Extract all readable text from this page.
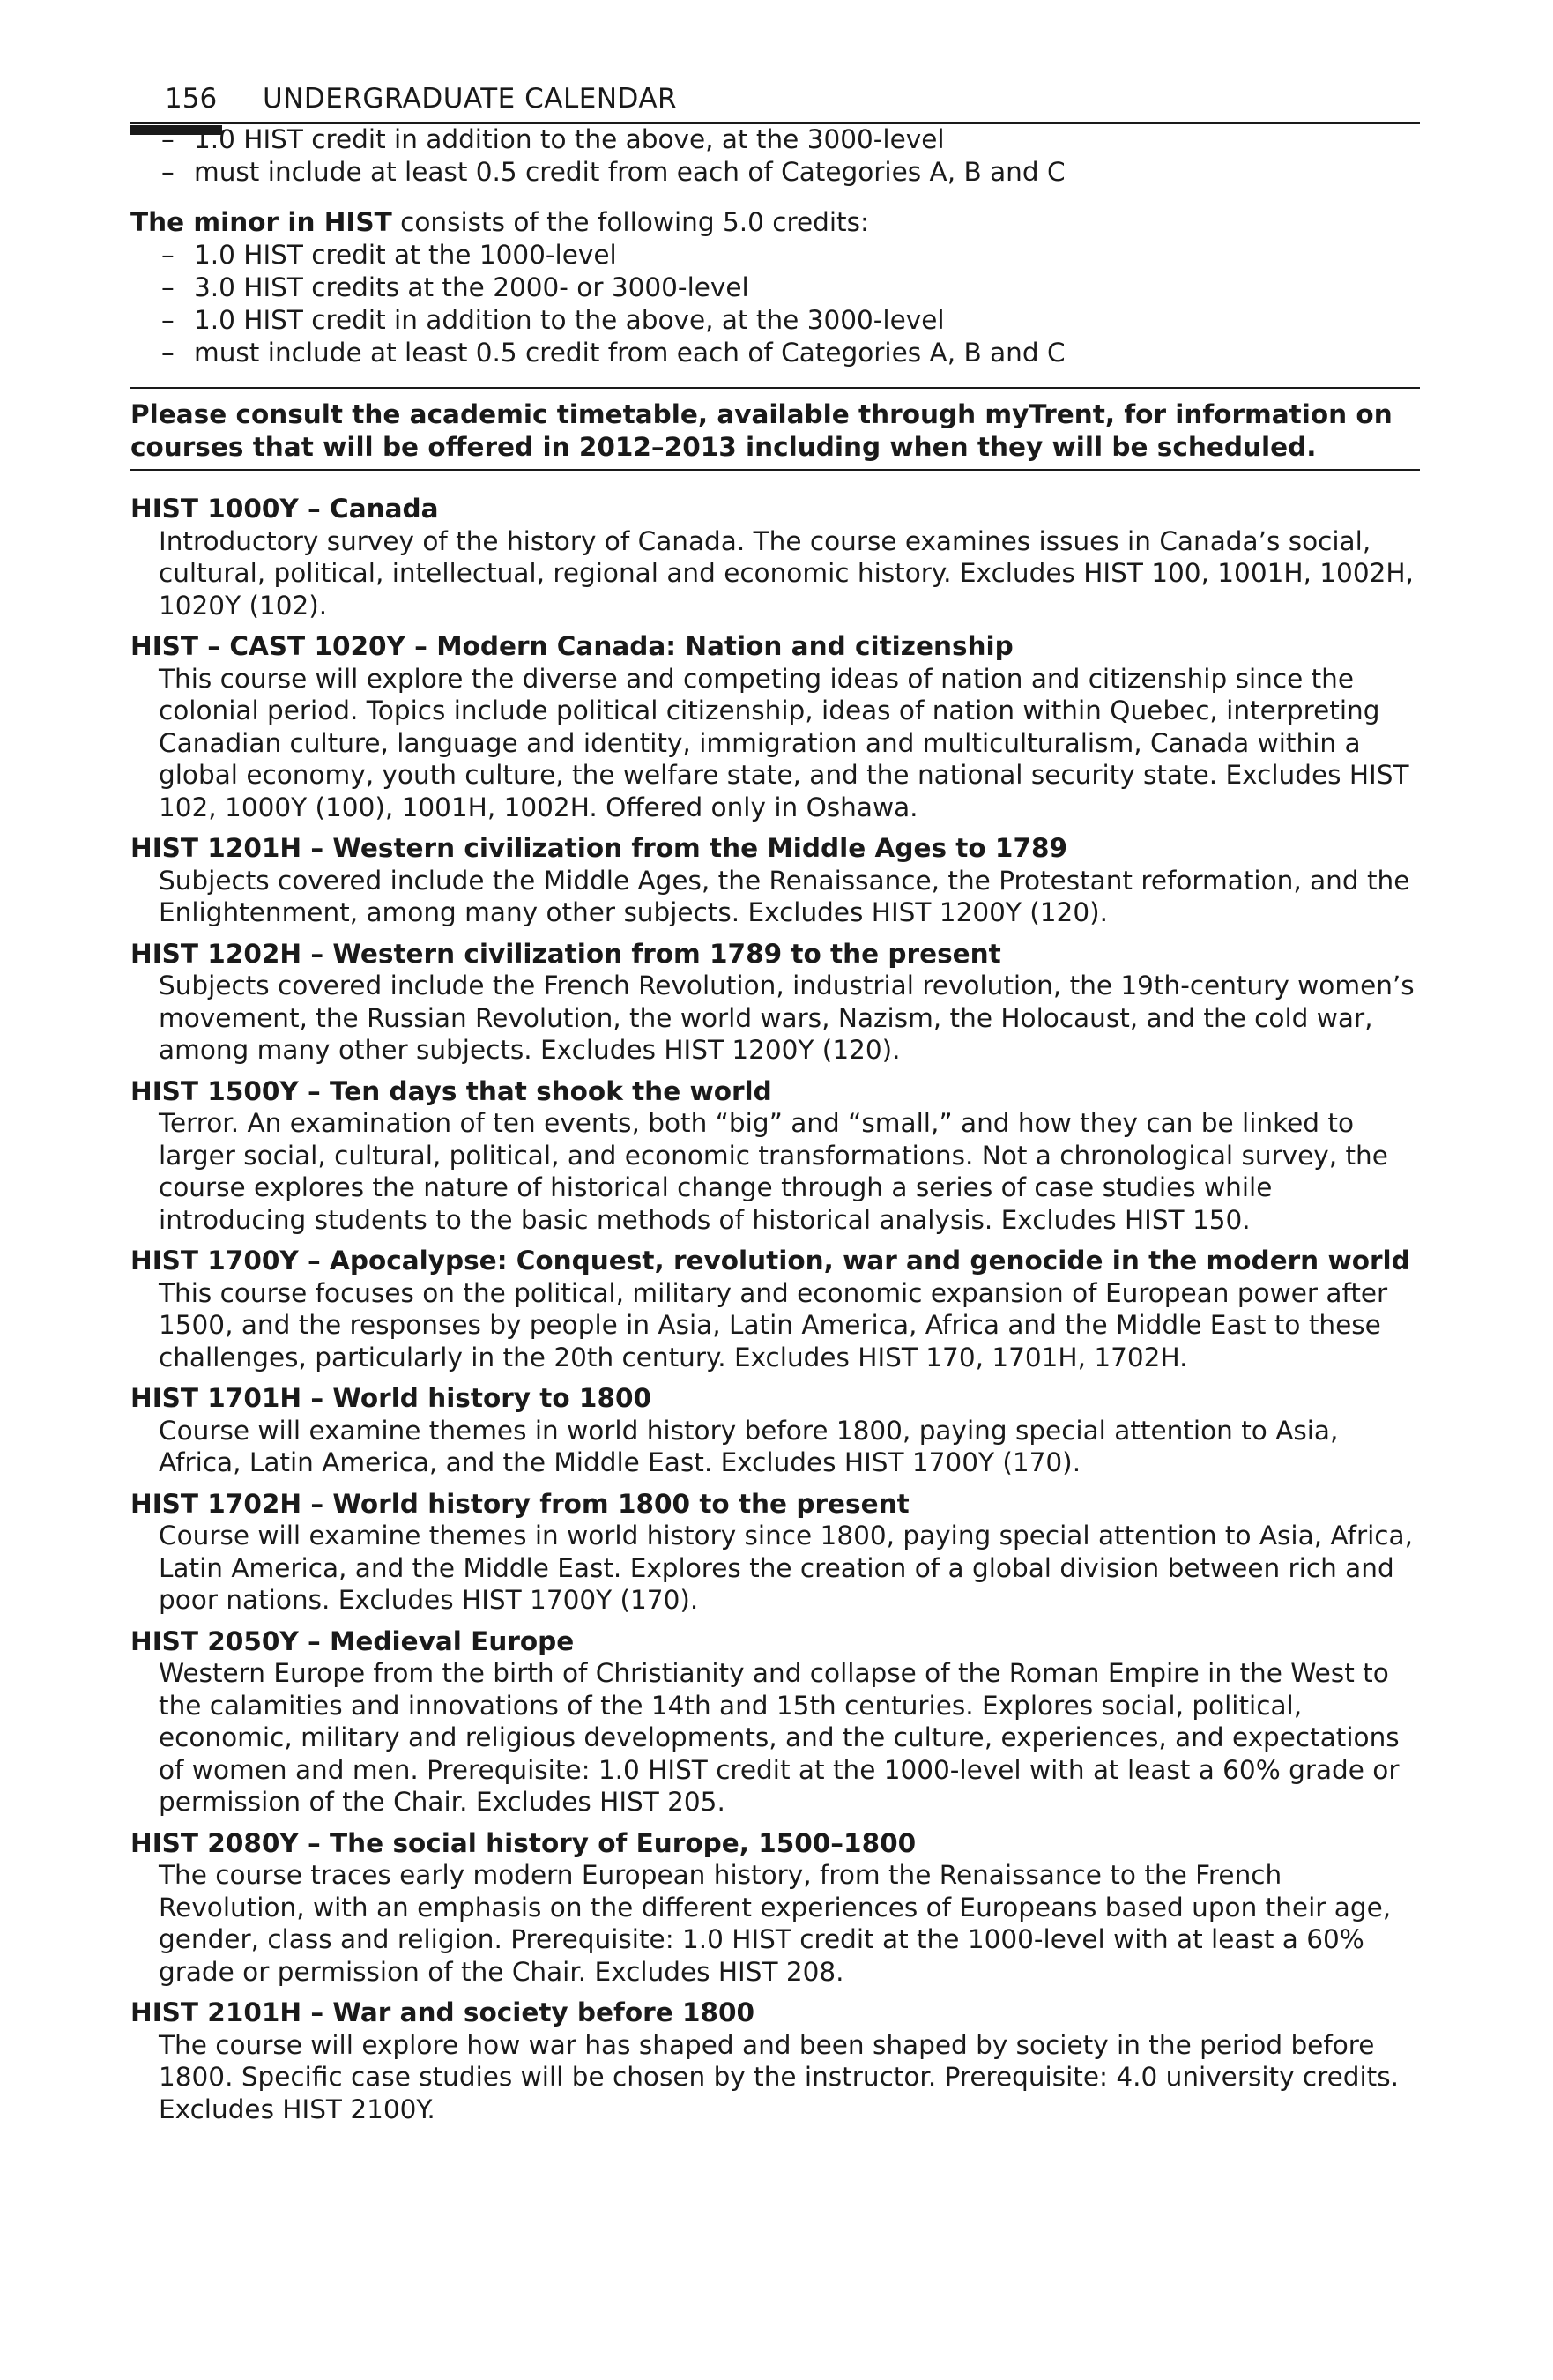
156 UNDERGRADUATE CALENDAR
– 1.0 HIST credit in addition to the above, at the 3000-level
– must include at least 0.5 credit from each of Categories A, B and C
The minor in HIST consists of the following 5.0 credits:
– 1.0 HIST credit at the 1000-level
– 3.0 HIST credits at the 2000- or 3000-level
– 1.0 HIST credit in addition to the above, at the 3000-level
– must include at least 0.5 credit from each of Categories A, B and C
Please consult the academic timetable, available through myTrent, for information on courses that will be offered in 2012–2013 including when they will be scheduled.
HIST 1000Y – Canada

Introductory survey of the history of Canada. The course examines issues in Canada’s social, cultural, political, intellectual, regional and economic history. Excludes HIST 100, 1001H, 1002H, 1020Y (102).

HIST – CAST 1020Y – Modern Canada: Nation and citizenship

This course will explore the diverse and competing ideas of nation and citizenship since the colonial period. Topics include political citizenship, ideas of nation within Quebec, interpreting Canadian culture, language and identity, immigration and multiculturalism, Canada within a global economy, youth culture, the welfare state, and the national security state. Excludes HIST 102, 1000Y (100), 1001H, 1002H. Offered only in Oshawa.

HIST 1201H – Western civilization from the Middle Ages to 1789

Subjects covered include the Middle Ages, the Renaissance, the Protestant reformation, and the Enlightenment, among many other subjects. Excludes HIST 1200Y (120).

HIST 1202H – Western civilization from 1789 to the present

Subjects covered include the French Revolution, industrial revolution, the 19th-century women’s movement, the Russian Revolution, the world wars, Nazism, the Holocaust, and the cold war, among many other subjects. Excludes HIST 1200Y (120).

HIST 1500Y – Ten days that shook the world

Terror. An examination of ten events, both “big” and “small,” and how they can be linked to larger social, cultural, political, and economic transformations. Not a chronological survey, the course explores the nature of historical change through a series of case studies while introducing students to the basic methods of historical analysis. Excludes HIST 150.

HIST 1700Y – Apocalypse: Conquest, revolution, war and genocide in the modern world

This course focuses on the political, military and economic expansion of European power after 1500, and the responses by people in Asia, Latin America, Africa and the Middle East to these challenges, particularly in the 20th century. Excludes HIST 170, 1701H, 1702H.

HIST 1701H – World history to 1800

Course will examine themes in world history before 1800, paying special attention to Asia, Africa, Latin America, and the Middle East. Excludes HIST 1700Y (170).

HIST 1702H – World history from 1800 to the present

Course will examine themes in world history since 1800, paying special attention to Asia, Africa, Latin America, and the Middle East. Explores the creation of a global division between rich and poor nations. Excludes HIST 1700Y (170).

HIST 2050Y – Medieval Europe

Western Europe from the birth of Christianity and collapse of the Roman Empire in the West to the calamities and innovations of the 14th and 15th centuries. Explores social, political, economic, military and religious developments, and the culture, experiences, and expectations of women and men. Prerequisite: 1.0 HIST credit at the 1000-level with at least a 60% grade or permission of the Chair. Excludes HIST 205.

HIST 2080Y – The social history of Europe, 1500–1800

The course traces early modern European history, from the Renaissance to the French Revolution, with an emphasis on the different experiences of Europeans based upon their age, gender, class and religion. Prerequisite: 1.0 HIST credit at the 1000-level with at least a 60% grade or permission of the Chair. Excludes HIST 208.

HIST 2101H – War and society before 1800

The course will explore how war has shaped and been shaped by society in the period before 1800. Specific case studies will be chosen by the instructor. Prerequisite: 4.0 university credits. Excludes HIST 2100Y.
